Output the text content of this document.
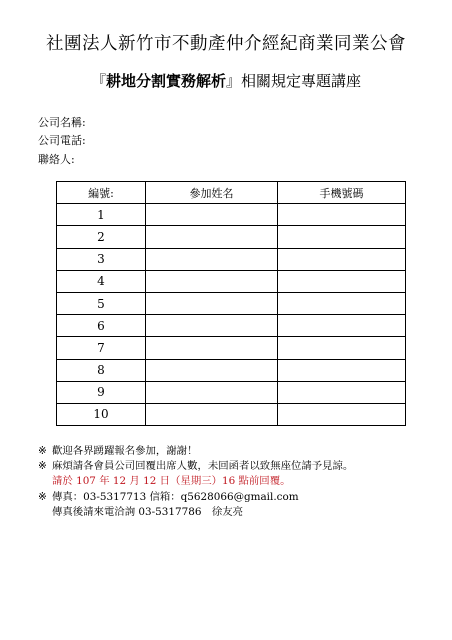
社團法人新竹市不動產仲介經紀商業同業公會
『耕地分割實務解析』相關規定專題講座
公司名稱:
公司電話:
聯絡人:
編號:	參加姓名	手機號碼
1		
2		
3		
4		
5		
6		
7		
8		
9		
10		
※ 歡迎各界踴躍報名參加，謝謝！
※ 麻煩請各會員公司回覆出席人數，未回函者以致無座位請予見諒。
請於 107 年 12 月 12 日（星期三）16 點前回覆。
※ 傳真：03-5317713 信箱：q5628066@gmail.com
傳真後請來電洽詢 03-5317786　徐友亮
